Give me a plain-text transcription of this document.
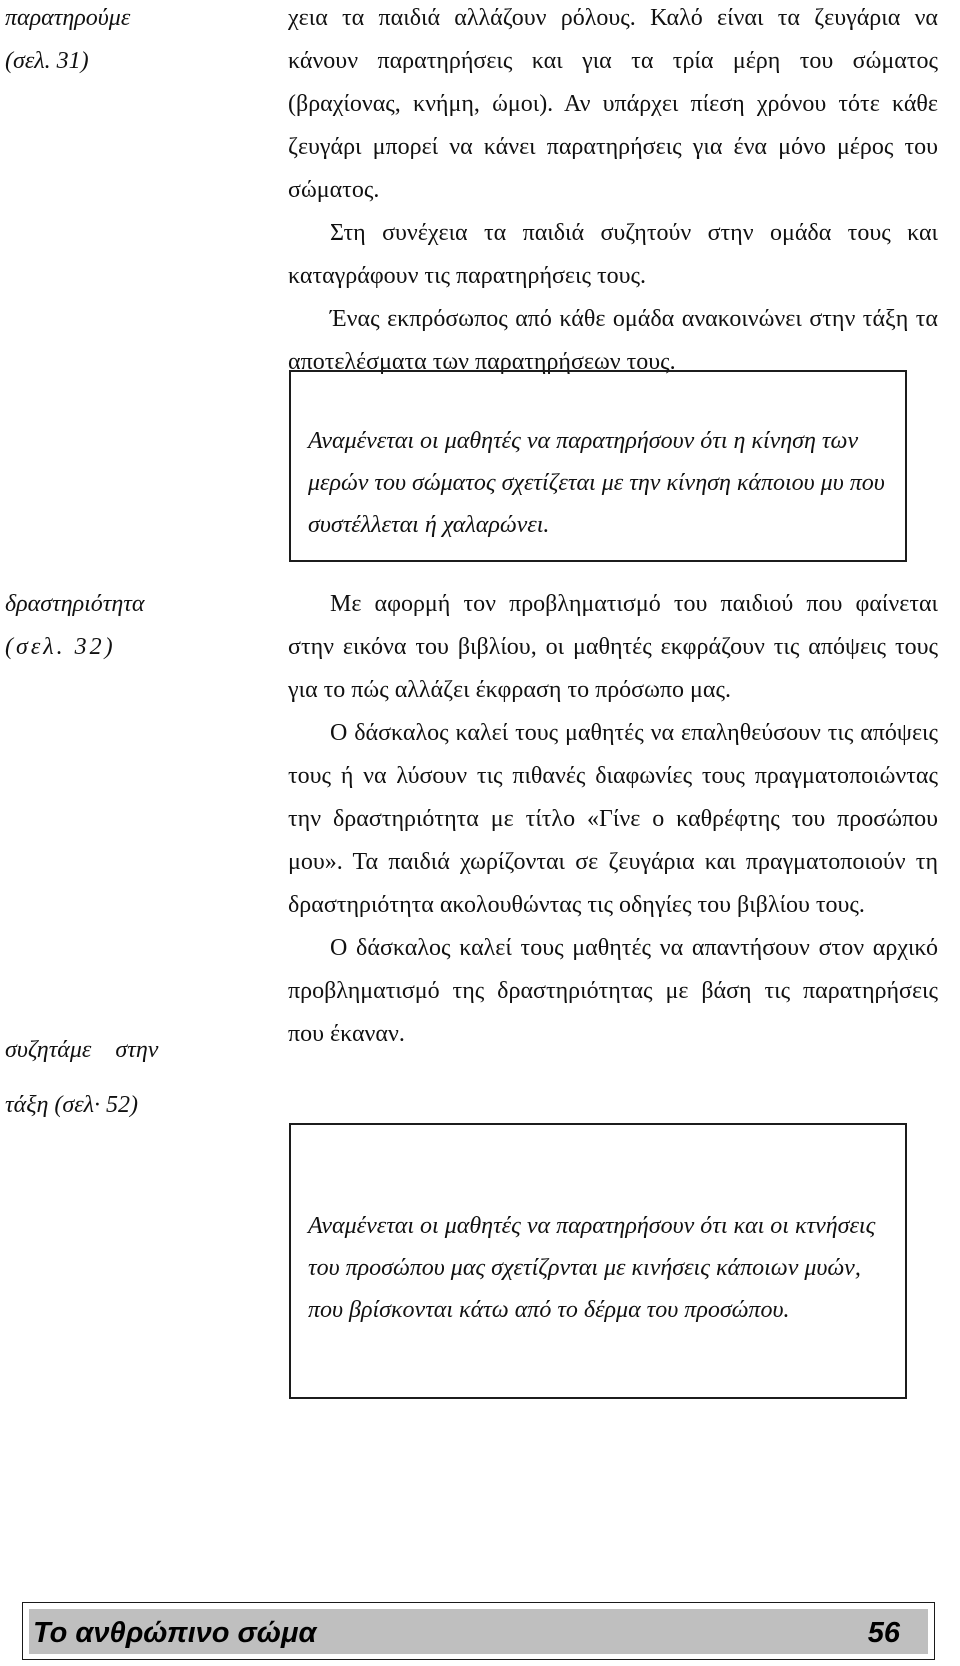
παρατηρούμε
(σελ. 31)
δραστηριότητα
(σελ. 32)
συζητάμε    στην
τάξη (σελ· 52)

χεια τα παιδιά αλλάζουν ρόλους. Καλό είναι τα ζευγάρια να κάνουν παρατηρήσεις και για τα τρία μέρη του σώματος (βραχίονας, κνήμη, ώμοι). Αν υπάρχει πίεση χρόνου τότε κάθε ζευγάρι μπορεί να κάνει παρατηρήσεις για ένα μόνο μέρος του σώματος.

Στη συνέχεια τα παιδιά συζητούν στην ομάδα τους και καταγράφουν τις παρατηρήσεις τους.

Ένας εκπρόσωπος από κάθε ομάδα ανακοινώνει στην τάξη τα αποτελέσματα των παρατηρήσεων τους.

Αναμένεται οι μαθητές να παρατηρήσουν ότι η κίνηση των μερών του σώματος σχετίζεται με την κίνηση κάποιου μυ που συστέλλεται ή χαλαρώνει.

Με αφορμή τον προβληματισμό του παιδιού που φαίνεται στην εικόνα του βιβλίου, οι μαθητές εκφράζουν τις απόψεις τους για το πώς αλλάζει έκφραση το πρόσωπο μας.

Ο δάσκαλος καλεί τους μαθητές να επαληθεύσουν τις απόψεις τους ή να λύσουν τις πιθανές διαφωνίες τους πραγματοποιώντας την δραστηριότητα με τίτλο «Γίνε ο καθρέφτης του προσώπου μου». Τα παιδιά χωρίζονται σε ζευγάρια και πραγματοποιούν τη δραστηριότητα ακολουθώντας τις οδηγίες του βιβλίου τους.

Ο δάσκαλος καλεί τους μαθητές να απαντήσουν στον αρχικό προβληματισμό της δραστηριότητας με βάση τις παρατηρήσεις που έκαναν.

Αναμένεται οι μαθητές να παρατηρήσουν ότι και οι κτνήσεις του προσώπου μας σχετίζρνται με κινήσεις κάποιων μυών, που βρίσκονται κάτω από το δέρμα του προσώπου.
Το ανθρώπινο σώμα	56
